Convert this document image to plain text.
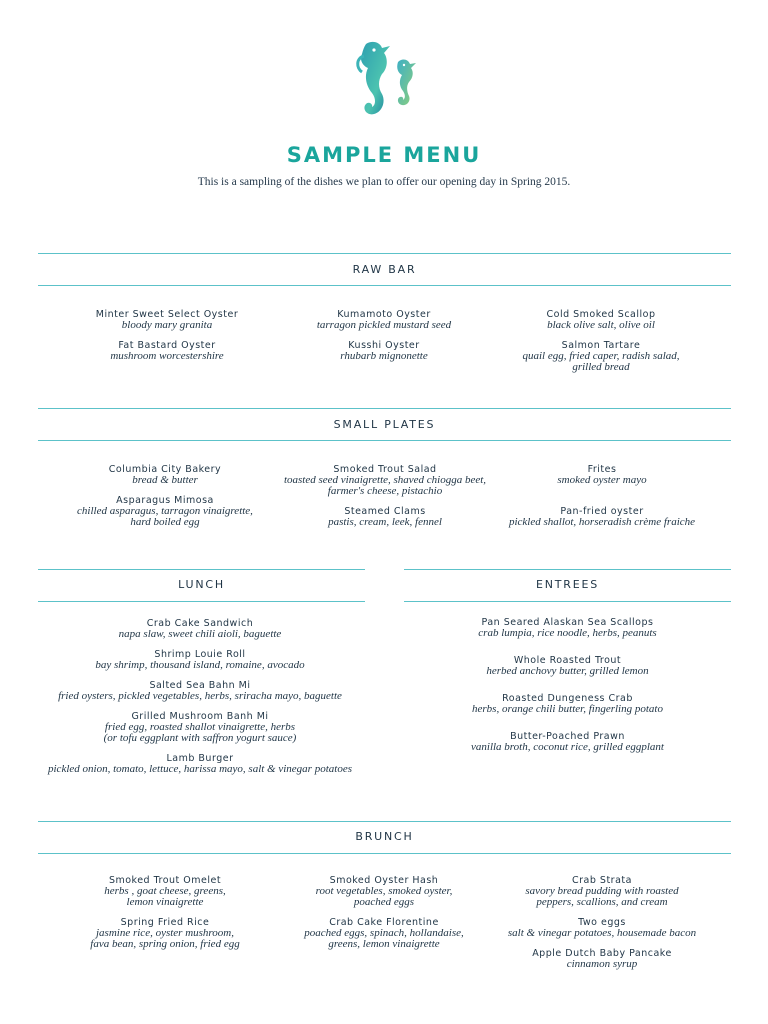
SAMPLE MENU
This is a sampling of the dishes we plan to offer our opening day in Spring 2015.
RAW BAR
Minter Sweet Select Oyster
bloody mary granita
Fat Bastard Oyster
mushroom worcestershire
Kumamoto Oyster
tarragon pickled mustard seed
Kusshi Oyster
rhubarb mignonette
Cold Smoked Scallop
black olive salt, olive oil
Salmon Tartare
quail egg, fried caper, radish salad,
grilled bread
SMALL PLATES
Columbia City Bakery
bread & butter
Asparagus Mimosa
chilled asparagus, tarragon vinaigrette,
hard boiled egg
Smoked Trout Salad
toasted seed vinaigrette, shaved chiogga beet,
farmer's cheese, pistachio
Steamed Clams
pastis, cream, leek, fennel
Frites
smoked oyster mayo
Pan-fried oyster
pickled shallot, horseradish crème fraiche
LUNCH
Crab Cake Sandwich
napa slaw, sweet chili aioli, baguette
Shrimp Louie Roll
bay shrimp, thousand island, romaine, avocado
Salted Sea Bahn Mi
fried oysters, pickled vegetables, herbs, sriracha mayo, baguette
Grilled Mushroom Banh Mi
fried egg, roasted shallot vinaigrette, herbs
(or tofu eggplant with saffron yogurt sauce)
Lamb Burger
pickled onion, tomato, lettuce, harissa mayo, salt & vinegar potatoes
ENTREES
Pan Seared Alaskan Sea Scallops
crab lumpia, rice noodle, herbs, peanuts
Whole Roasted Trout
herbed anchovy butter, grilled lemon
Roasted Dungeness Crab
herbs, orange chili butter, fingerling potato
Butter-Poached Prawn
vanilla broth, coconut rice, grilled eggplant
BRUNCH
Smoked Trout Omelet
herbs , goat cheese, greens,
lemon vinaigrette
Spring Fried Rice
jasmine rice, oyster mushroom,
fava bean, spring onion, fried egg
Smoked Oyster Hash
root vegetables, smoked oyster,
poached eggs
Crab Cake Florentine
poached eggs, spinach, hollandaise,
greens, lemon vinaigrette
Crab Strata
savory bread pudding with roasted
peppers, scallions, and cream
Two eggs
salt & vinegar potatoes, housemade bacon
Apple Dutch Baby Pancake
cinnamon syrup
